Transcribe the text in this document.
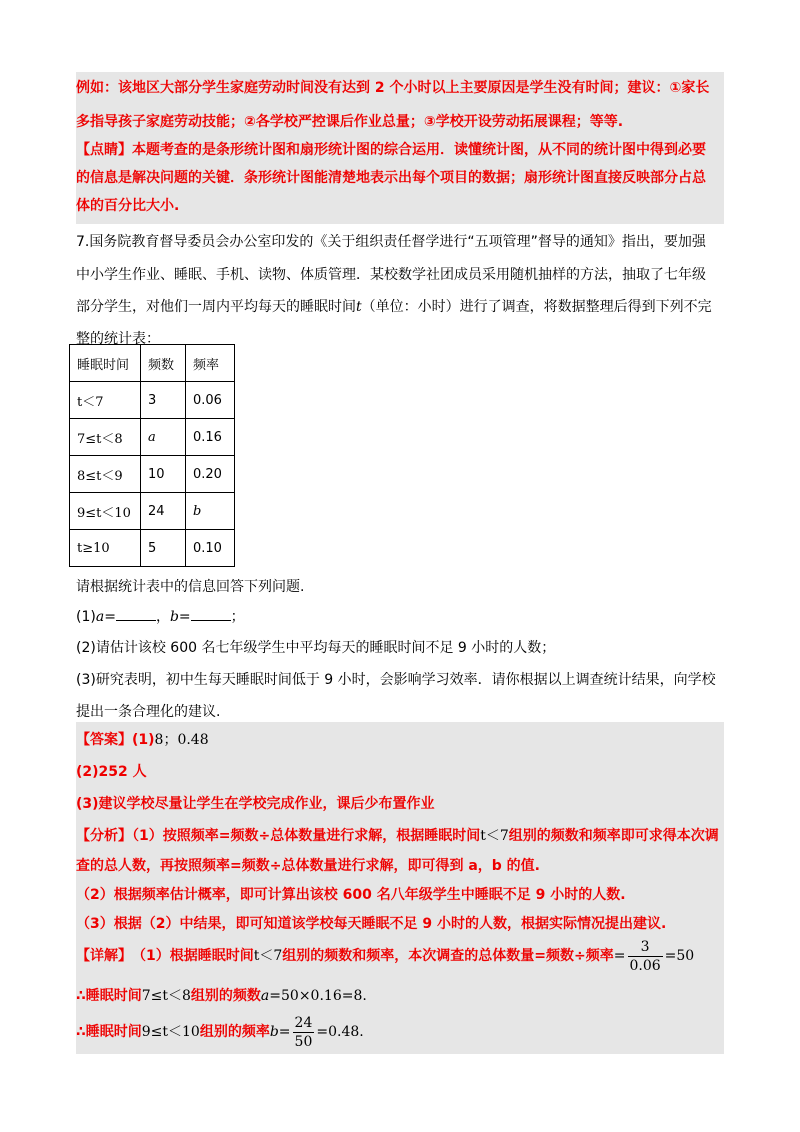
例如：该地区大部分学生家庭劳动时间没有达到 2 个小时以上主要原因是学生没有时间；建议：①家长
多指导孩子家庭劳动技能；②各学校严控课后作业总量；③学校开设劳动拓展课程；等等.
【点睛】本题考查的是条形统计图和扇形统计图的综合运用．读懂统计图，从不同的统计图中得到必要
的信息是解决问题的关键．条形统计图能清楚地表示出每个项目的数据；扇形统计图直接反映部分占总
体的百分比大小.
7.国务院教育督导委员会办公室印发的《关于组织责任督学进行“五项管理”督导的通知》指出，要加强
中小学生作业、睡眠、手机、读物、体质管理．某校数学社团成员采用随机抽样的方法，抽取了七年级
部分学生，对他们一周内平均每天的睡眠时间t（单位：小时）进行了调查，将数据整理后得到下列不完
整的统计表：
睡眠时间	频数	频率
t＜7	3	0.06
7≤t＜8	a	0.16
8≤t＜9	10	0.20
9≤t＜10	24	b
t≥10	5	0.10
请根据统计表中的信息回答下列问题.
(1)a=	，b=	；
(2)请估计该校 600 名七年级学生中平均每天的睡眠时间不足 9 小时的人数；
(3)研究表明，初中生每天睡眠时间低于 9 小时，会影响学习效率．请你根据以上调查统计结果，向学校
提出一条合理化的建议.
【答案】(1)8；0.48
(2)252 人
(3)建议学校尽量让学生在学校完成作业，课后少布置作业
【分析】（1）按照频率=频数÷总体数量进行求解，根据睡眠时间t＜7组别的频数和频率即可求得本次调
查的总人数，再按照频率=频数÷总体数量进行求解，即可得到 a，b 的值.
（2）根据频率估计概率，即可计算出该校 600 名八年级学生中睡眠不足 9 小时的人数.
（3）根据（2）中结果，即可知道该学校每天睡眠不足 9 小时的人数，根据实际情况提出建议.
【详解】 （1）根据睡眠时间 t＜7 组别的频数和频率，本次调查的总体数量=频数÷频率 = $\frac{3}{0.06} =50$
∴睡眠时间7≤t＜8组别的频数a=50×0.16=8.
∴睡眠时间 9≤t＜10 组别的频率 $b = \frac{24}{50} =0.48$.
